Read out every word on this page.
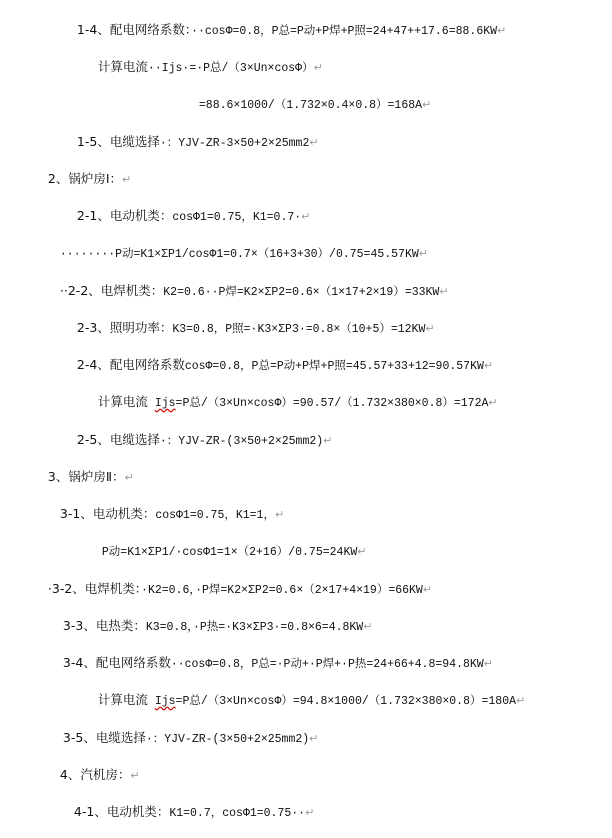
1-4、配电网络系数：··cosΦ=0.8，P总=P动+P焊+P照=24+47++17.6=88.6KW↵

计算电流··Ijs·=·P总/（3×Un×cosΦ）↵

=88.6×1000/（1.732×0.4×0.8）=168A↵

1-5、电缆选择·：YJV-ZR-3×50+2×25mm2↵

2、锅炉房Ⅰ：↵

2-1、电动机类：cosΦ1=0.75，K1=0.7·↵

········P动=K1×ΣP1/cosΦ1=0.7×（16+3+30）/0.75=45.57KW↵

··2-2、电焊机类：K2=0.6··P焊=K2×ΣP2=0.6×（1×17+2×19）=33KW↵

2-3、照明功率：K3=0.8，P照=·K3×ΣP3·=0.8×（10+5）=12KW↵

2-4、配电网络系数cosΦ=0.8，P总=P动+P焊+P照=45.57+33+12=90.57KW↵

计算电流 Ijs=P总/（3×Un×cosΦ）=90.57/（1.732×380×0.8）=172A↵

2-5、电缆选择·：YJV-ZR-(3×50+2×25mm2)↵

3、锅炉房Ⅱ：↵

3-1、电动机类：cosΦ1=0.75，K1=1，↵

P动=K1×ΣP1/·cosΦ1=1×（2+16）/0.75=24KW↵

·3-2、电焊机类：·K2=0.6，·P焊=K2×ΣP2=0.6×（2×17+4×19）=66KW↵

3-3、电热类：K3=0.8，·P热=·K3×ΣP3·=0.8×6=4.8KW↵

3-4、配电网络系数··cosΦ=0.8，P总=·P动+·P焊+·P热=24+66+4.8=94.8KW↵

计算电流 Ijs=P总/（3×Un×cosΦ）=94.8×1000/（1.732×380×0.8）=180A↵

3-5、电缆选择·：YJV-ZR-(3×50+2×25mm2)↵

4、汽机房：↵

4-1、电动机类：K1=0.7，cosΦ1=0.75··↵
